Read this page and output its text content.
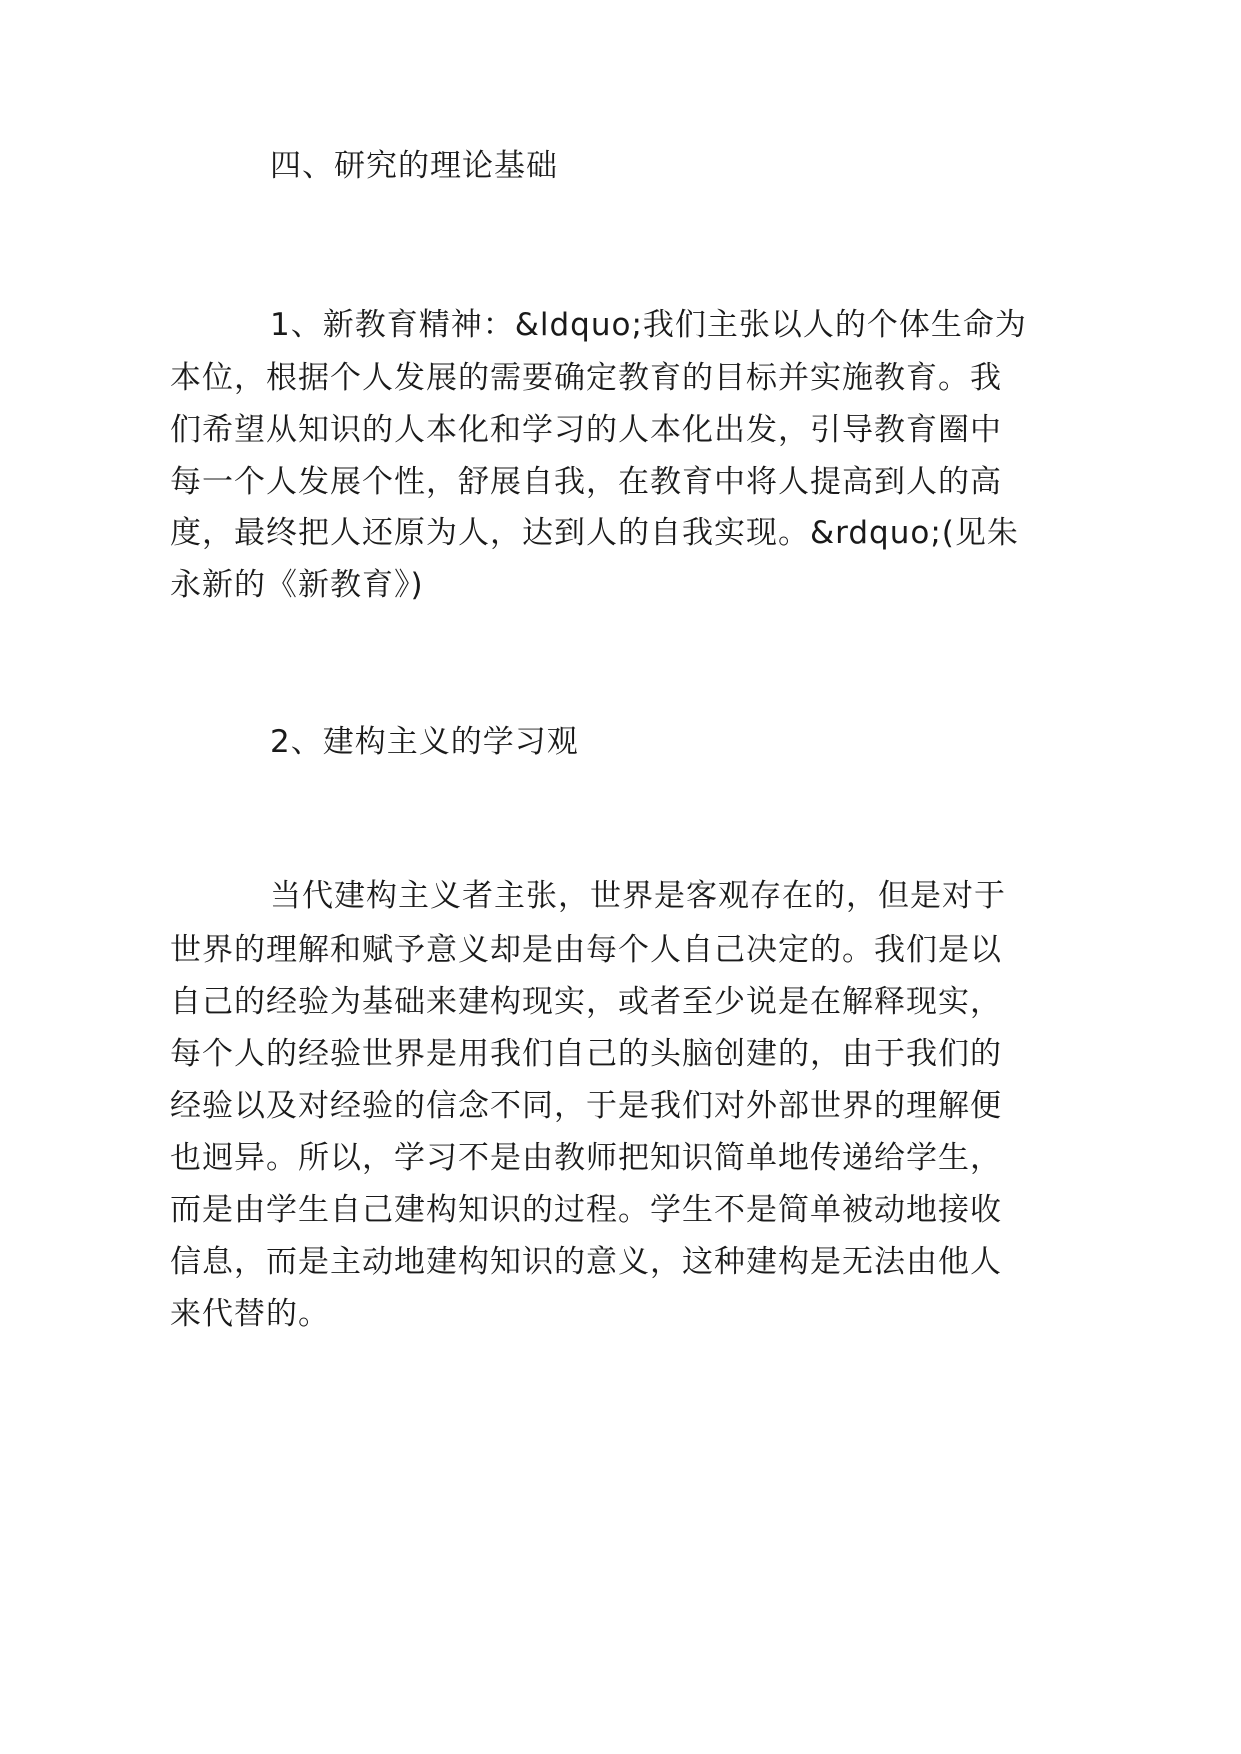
四、研究的理论基础
1、新教育精神：&ldquo;我们主张以人的个体生命为
本位，根据个人发展的需要确定教育的目标并实施教育。我
们希望从知识的人本化和学习的人本化出发，引导教育圈中
每一个人发展个性，舒展自我，在教育中将人提高到人的高
度，最终把人还原为人，达到人的自我实现。&rdquo;(见朱
永新的《新教育》)
2、建构主义的学习观
当代建构主义者主张，世界是客观存在的，但是对于
世界的理解和赋予意义却是由每个人自己决定的。我们是以
自己的经验为基础来建构现实，或者至少说是在解释现实，
每个人的经验世界是用我们自己的头脑创建的，由于我们的
经验以及对经验的信念不同，于是我们对外部世界的理解便
也迥异。所以，学习不是由教师把知识简单地传递给学生，
而是由学生自己建构知识的过程。学生不是简单被动地接收
信息，而是主动地建构知识的意义，这种建构是无法由他人
来代替的。
